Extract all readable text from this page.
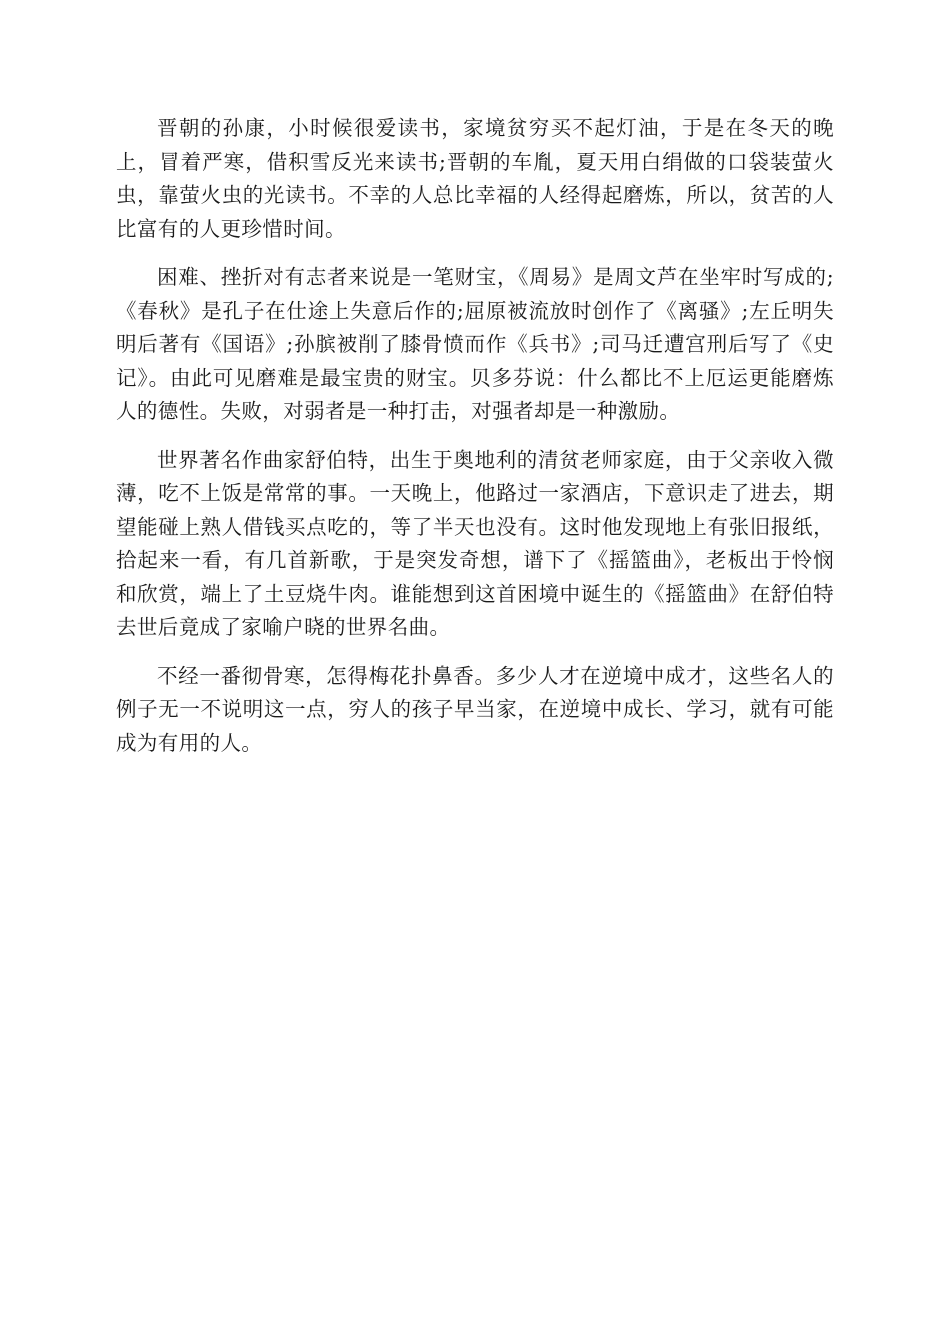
晋朝的孙康，小时候很爱读书，家境贫穷买不起灯油，于是在冬天的晚上，冒着严寒，借积雪反光来读书;晋朝的车胤，夏天用白绢做的口袋装萤火虫，靠萤火虫的光读书。不幸的人总比幸福的人经得起磨炼，所以，贫苦的人比富有的人更珍惜时间。

困难、挫折对有志者来说是一笔财宝，《周易》是周文芦在坐牢时写成的;《春秋》是孔子在仕途上失意后作的;屈原被流放时创作了《离骚》;左丘明失明后著有《国语》;孙膑被削了膝骨愤而作《兵书》;司马迁遭宫刑后写了《史记》。由此可见磨难是最宝贵的财宝。贝多芬说：什么都比不上厄运更能磨炼人的德性。失败，对弱者是一种打击，对强者却是一种激励。

世界著名作曲家舒伯特，出生于奥地利的清贫老师家庭，由于父亲收入微薄，吃不上饭是常常的事。一天晚上，他路过一家酒店，下意识走了进去，期望能碰上熟人借钱买点吃的，等了半天也没有。这时他发现地上有张旧报纸，拾起来一看，有几首新歌，于是突发奇想，谱下了《摇篮曲》，老板出于怜悯和欣赏，端上了土豆烧牛肉。谁能想到这首困境中诞生的《摇篮曲》在舒伯特去世后竟成了家喻户晓的世界名曲。

不经一番彻骨寒，怎得梅花扑鼻香。多少人才在逆境中成才，这些名人的例子无一不说明这一点，穷人的孩子早当家，在逆境中成长、学习，就有可能成为有用的人。
